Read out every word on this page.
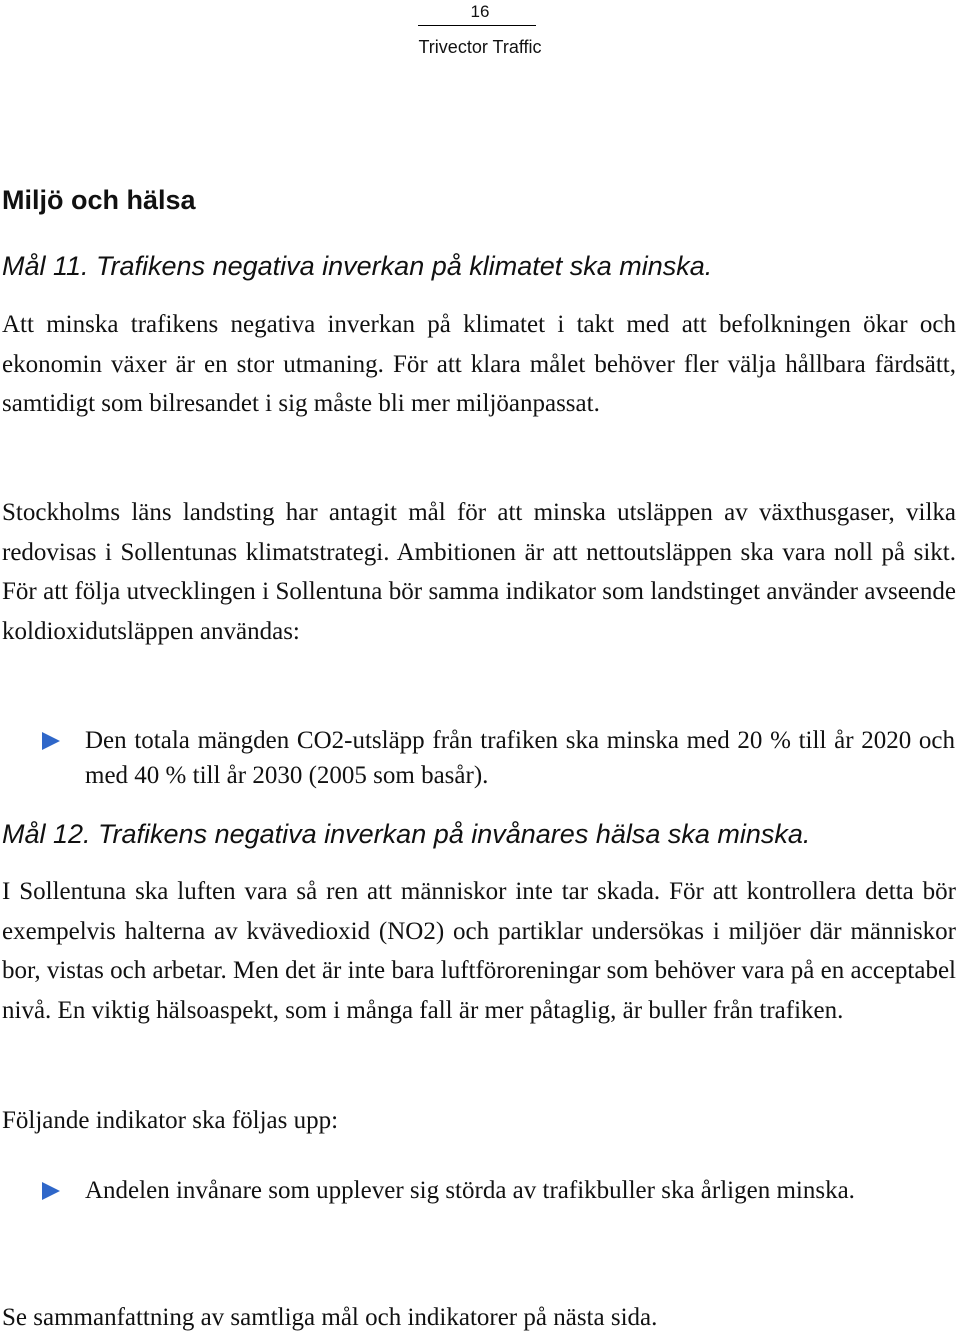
16
Trivector Traffic
Miljö och hälsa
Mål 11. Trafikens negativa inverkan på klimatet ska minska.

Att minska trafikens negativa inverkan på klimatet i takt med att befolkningen ökar och ekonomin växer är en stor utmaning. För att klara målet behöver fler välja hållbara färdsätt, samtidigt som bilresandet i sig måste bli mer miljöanpassat.

Stockholms läns landsting har antagit mål för att minska utsläppen av växthusgaser, vilka redovisas i Sollentunas klimatstrategi. Ambitionen är att nettoutsläppen ska vara noll på sikt. För att följa utvecklingen i Sollentuna bör samma indikator som landstinget använder avseende koldioxidutsläppen användas:

Den totala mängden CO2-utsläpp från trafiken ska minska med 20 % till år 2020 och med 40 % till år 2030 (2005 som basår).

Mål 12. Trafikens negativa inverkan på invånares hälsa ska minska.

I Sollentuna ska luften vara så ren att människor inte tar skada. För att kontrollera detta bör exempelvis halterna av kvävedioxid (NO2) och partiklar undersökas i miljöer där människor bor, vistas och arbetar. Men det är inte bara luftföroreningar som behöver vara på en acceptabel nivå. En viktig hälsoaspekt, som i många fall är mer påtaglig, är buller från trafiken.

Följande indikator ska följas upp:

Andelen invånare som upplever sig störda av trafikbuller ska årligen minska.

Se sammanfattning av samtliga mål och indikatorer på nästa sida.
